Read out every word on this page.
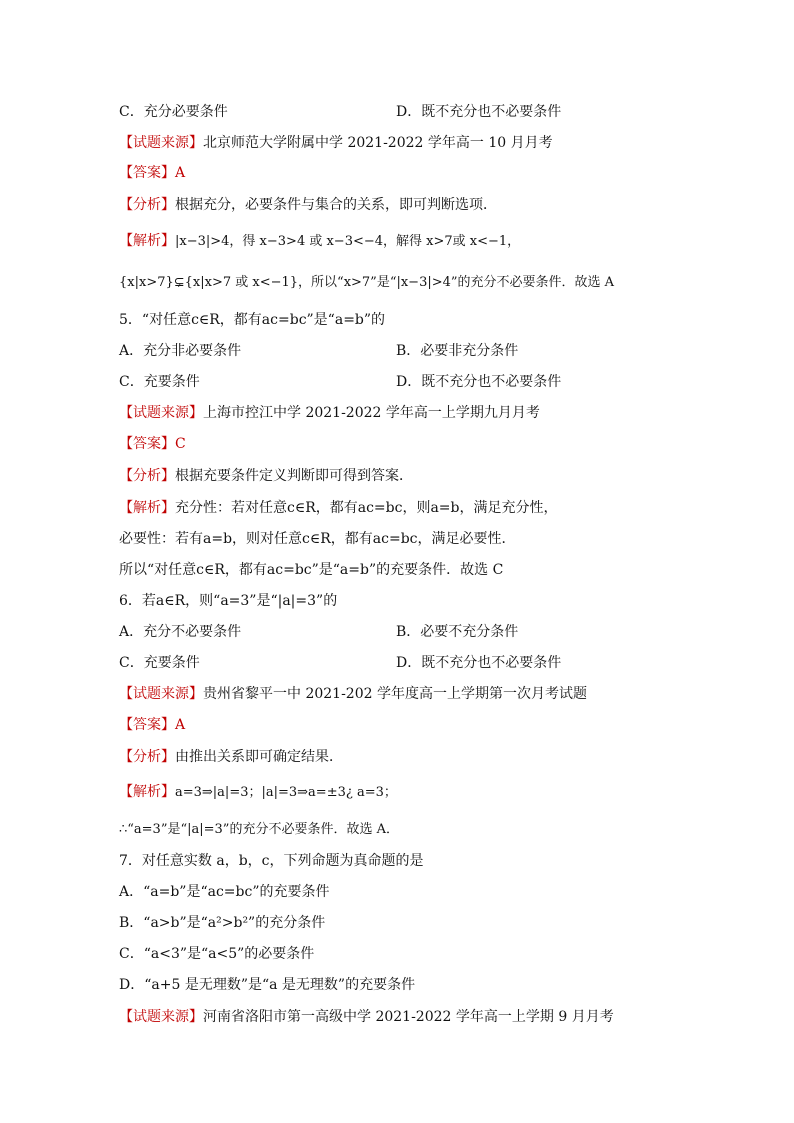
C．充分必要条件	D．既不充分也不必要条件
【试题来源】北京师范大学附属中学 2021-2022 学年高一 10 月月考
【答案】A
【分析】根据充分，必要条件与集合的关系，即可判断选项．
【解析】|x−3|>4，得 x−3>4 或 x−3<−4，解得 x>7或 x<−1，
{x|x>7}⊊{x|x>7 或 x<−1}，所以“x>7”是“|x−3|>4”的充分不必要条件．故选 A
5．“对任意c∈R，都有ac=bc”是“a=b”的
A．充分非必要条件	B．必要非充分条件
C．充要条件	D．既不充分也不必要条件
【试题来源】上海市控江中学 2021-2022 学年高一上学期九月月考
【答案】C
【分析】根据充要条件定义判断即可得到答案．
【解析】充分性：若对任意c∈R，都有ac=bc，则a=b，满足充分性，
必要性：若有a=b，则对任意c∈R，都有ac=bc，满足必要性．
所以“对任意c∈R，都有ac=bc”是“a=b”的充要条件．故选 C
6．若a∈R，则“a=3”是“|a|=3”的
A．充分不必要条件	B．必要不充分条件
C．充要条件	D．既不充分也不必要条件
【试题来源】贵州省黎平一中 2021-202 学年度高一上学期第一次月考试题
【答案】A
【分析】由推出关系即可确定结果．
【解析】a=3⇒|a|=3；|a|=3⇒a=±3¿ a=3；
∴“a=3”是“|a|=3”的充分不必要条件．故选 A．
7．对任意实数 a，b，c，下列命题为真命题的是
A．“a=b”是“ac=bc”的充要条件
B．“a>b”是“a²>b²”的充分条件
C．“a<3”是“a<5”的必要条件
D．“a+5 是无理数”是“a 是无理数”的充要条件
【试题来源】河南省洛阳市第一高级中学 2021-2022 学年高一上学期 9 月月考
